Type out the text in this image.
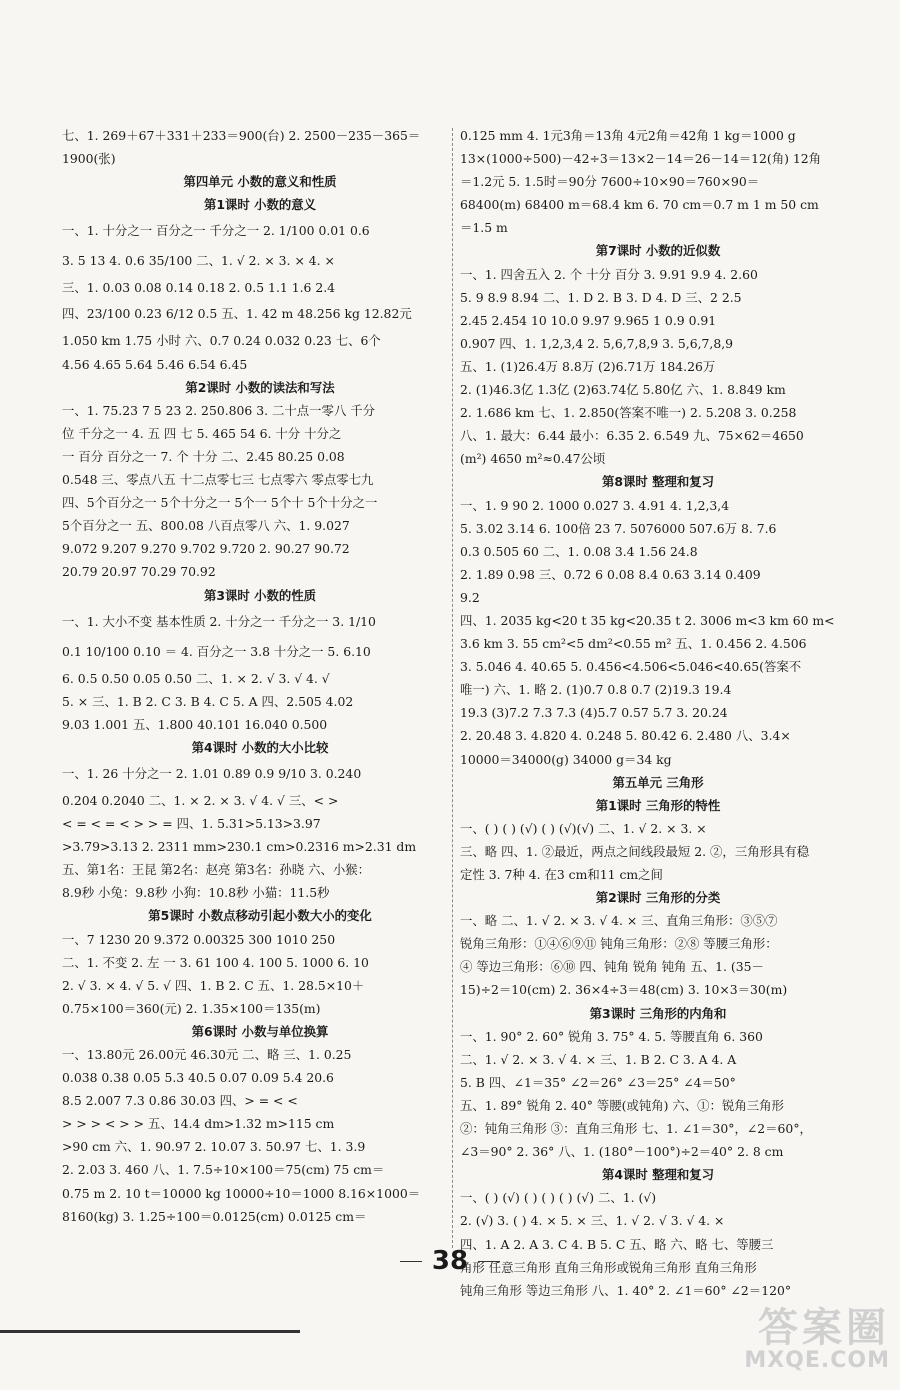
七、1. 269＋67＋331＋233＝900(台) 2. 2500－235－365＝
1900(张)
第四单元 小数的意义和性质
第1课时 小数的意义
一、1. 十分之一 百分之一 千分之一 2. 1/100 0.01 0.6
3. 5 13 4. 0.6 35/100 二、1. √ 2. × 3. × 4. ×
三、1. 0.03 0.08 0.14 0.18 2. 0.5 1.1 1.6 2.4
四、23/100 0.23 6/12 0.5 五、1. 42 m 48.256 kg 12.82元
1.050 km 1.75 小时 六、0.7 0.24 0.032 0.23 七、6个
4.56 4.65 5.64 5.46 6.54 6.45
第2课时 小数的读法和写法
一、1. 75.23 7 5 23 2. 250.806 3. 二十点一零八 千分
位 千分之一 4. 五 四 七 5. 465 54 6. 十分 十分之
一 百分 百分之一 7. 个 十分 二、2.45 80.25 0.08
0.548 三、零点八五 十二点零七三 七点零六 零点零七九
四、5个百分之一 5个十分之一 5个一 5个十 5个十分之一
5个百分之一 五、800.08 八百点零八 六、1. 9.027
9.072 9.207 9.270 9.702 9.720 2. 90.27 90.72
20.79 20.97 70.29 70.92
第3课时 小数的性质
一、1. 大小不变 基本性质 2. 十分之一 千分之一 3. 1/10
0.1 10/100 0.10 ＝ 4. 百分之一 3.8 十分之一 5. 6.10
6. 0.5 0.50 0.05 0.50 二、1. × 2. √ 3. √ 4. √
5. × 三、1. B 2. C 3. B 4. C 5. A 四、2.505 4.02
9.03 1.001 五、1.800 40.101 16.040 0.500
第4课时 小数的大小比较
一、1. 26 十分之一 2. 1.01 0.89 0.9 9/10 3. 0.240
0.204 0.2040 二、1. × 2. × 3. √ 4. √ 三、< >
< = < = < > > = 四、1. 5.31>5.13>3.97
>3.79>3.13 2. 2311 mm>230.1 cm>0.2316 m>2.31 dm
五、第1名：王昆 第2名：赵亮 第3名：孙晓 六、小猴：
8.9秒 小兔：9.8秒 小狗：10.8秒 小猫：11.5秒
第5课时 小数点移动引起小数大小的变化
一、7 1230 20 9.372 0.00325 300 1010 250
二、1. 不变 2. 左 一 3. 61 100 4. 100 5. 1000 6. 10
2. √ 3. × 4. √ 5. √ 四、1. B 2. C 五、1. 28.5×10＋
0.75×100＝360(元) 2. 1.35×100＝135(m)
第6课时 小数与单位换算
一、13.80元 26.00元 46.30元 二、略 三、1. 0.25
0.038 0.38 0.05 5.3 40.5 0.07 0.09 5.4 20.6
8.5 2.007 7.3 0.86 30.03 四、> = < <
> > > < > > 五、14.4 dm>1.32 m>115 cm
>90 cm 六、1. 90.97 2. 10.07 3. 50.97 七、1. 3.9
2. 2.03 3. 460 八、1. 7.5÷10×100＝75(cm) 75 cm＝
0.75 m 2. 10 t＝10000 kg 10000÷10＝1000 8.16×1000＝
8160(kg) 3. 1.25÷100＝0.0125(cm) 0.0125 cm＝
0.125 mm 4. 1元3角＝13角 4元2角＝42角 1 kg＝1000 g
13×(1000÷500)－42÷3＝13×2－14＝26－14＝12(角) 12角
＝1.2元 5. 1.5时＝90分 7600÷10×90＝760×90＝
68400(m) 68400 m＝68.4 km 6. 70 cm＝0.7 m 1 m 50 cm
＝1.5 m
第7课时 小数的近似数
一、1. 四舍五入 2. 个 十分 百分 3. 9.91 9.9 4. 2.60
5. 9 8.9 8.94 二、1. D 2. B 3. D 4. D 三、2 2.5
2.45 2.454 10 10.0 9.97 9.965 1 0.9 0.91
0.907 四、1. 1,2,3,4 2. 5,6,7,8,9 3. 5,6,7,8,9
五、1. (1)26.4万 8.8万 (2)6.71万 184.26万
2. (1)46.3亿 1.3亿 (2)63.74亿 5.80亿 六、1. 8.849 km
2. 1.686 km 七、1. 2.850(答案不唯一) 2. 5.208 3. 0.258
八、1. 最大：6.44 最小：6.35 2. 6.549 九、75×62＝4650
(m²) 4650 m²≈0.47公顷
第8课时 整理和复习
一、1. 9 90 2. 1000 0.027 3. 4.91 4. 1,2,3,4
5. 3.02 3.14 6. 100倍 23 7. 5076000 507.6万 8. 7.6
0.3 0.505 60 二、1. 0.08 3.4 1.56 24.8
2. 1.89 0.98 三、0.72 6 0.08 8.4 0.63 3.14 0.409
9.2
四、1. 2035 kg<20 t 35 kg<20.35 t 2. 3006 m<3 km 60 m<
3.6 km 3. 55 cm²<5 dm²<0.55 m² 五、1. 0.456 2. 4.506
3. 5.046 4. 40.65 5. 0.456<4.506<5.046<40.65(答案不
唯一) 六、1. 略 2. (1)0.7 0.8 0.7 (2)19.3 19.4
19.3 (3)7.2 7.3 7.3 (4)5.7 0.57 5.7 3. 20.24
2. 20.48 3. 4.820 4. 0.248 5. 80.42 6. 2.480 八、3.4×
10000＝34000(g) 34000 g＝34 kg
第五单元 三角形
第1课时 三角形的特性
一、( ) ( ) (√) ( ) (√)(√) 二、1. √ 2. × 3. ×
三、略 四、1. ②最近，两点之间线段最短 2. ②，三角形具有稳
定性 3. 7种 4. 在3 cm和11 cm之间
第2课时 三角形的分类
一、略 二、1. √ 2. × 3. √ 4. × 三、直角三角形：③⑤⑦
锐角三角形：①④⑥⑨⑪ 钝角三角形：②⑧ 等腰三角形：
④ 等边三角形：⑥⑩ 四、钝角 锐角 钝角 五、1. (35－
15)÷2＝10(cm) 2. 36×4÷3＝48(cm) 3. 10×3＝30(m)
第3课时 三角形的内角和
一、1. 90° 2. 60° 锐角 3. 75° 4. 5. 等腰直角 6. 360
二、1. √ 2. × 3. √ 4. × 三、1. B 2. C 3. A 4. A
5. B 四、∠1＝35° ∠2＝26° ∠3＝25° ∠4＝50°
五、1. 89° 锐角 2. 40° 等腰(或钝角) 六、①：锐角三角形
②：钝角三角形 ③：直角三角形 七、1. ∠1＝30°，∠2＝60°，
∠3＝90° 2. 36° 八、1. (180°－100°)÷2＝40° 2. 8 cm
第4课时 整理和复习
一、( ) (√) ( ) ( ) ( ) (√) 二、1. (√)
2. (√) 3. ( ) 4. × 5. × 三、1. √ 2. √ 3. √ 4. ×
四、1. A 2. A 3. C 4. B 5. C 五、略 六、略 七、等腰三
角形 任意三角形 直角三角形或锐角三角形 直角三角形
钝角三角形 等边三角形 八、1. 40° 2. ∠1＝60° ∠2＝120°
38
答案圈
MXQE.COM
